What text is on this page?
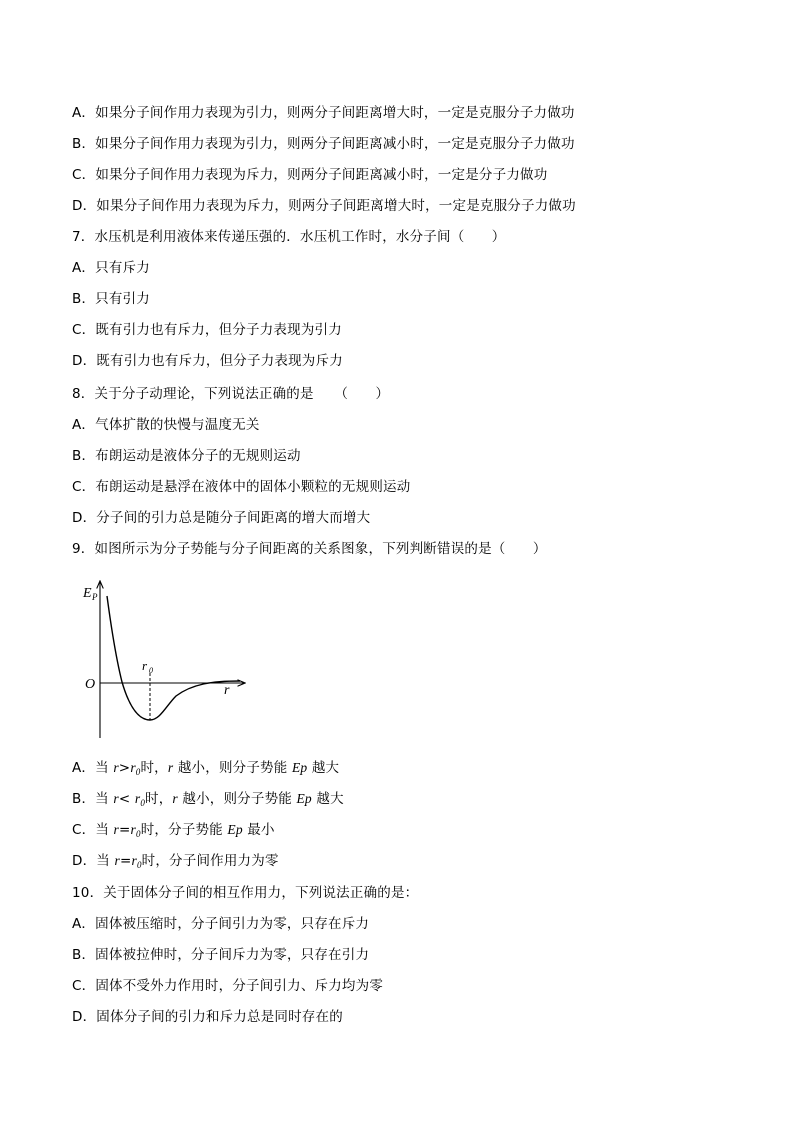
A．如果分子间作用力表现为引力，则两分子间距离增大时，一定是克服分子力做功
B．如果分子间作用力表现为引力，则两分子间距离减小时，一定是克服分子力做功
C．如果分子间作用力表现为斥力，则两分子间距离减小时，一定是分子力做功
D．如果分子间作用力表现为斥力，则两分子间距离增大时，一定是克服分子力做功
7．水压机是利用液体来传递压强的．水压机工作时，水分子间（　　）
A．只有斥力
B．只有引力
C．既有引力也有斥力，但分子力表现为引力
D．既有引力也有斥力，但分子力表现为斥力
8．关于分子动理论，下列说法正确的是　　（　　）
A．气体扩散的快慢与温度无关
B．布朗运动是液体分子的无规则运动
C．布朗运动是悬浮在液体中的固体小颗粒的无规则运动
D．分子间的引力总是随分子间距离的增大而增大
9．如图所示为分子势能与分子间距离的关系图象，下列判断错误的是（　　）
E P
O
r 0
r
A．当 $r>r_0$时，r 越小，则分子势能 Ep 越大
B．当 $r< r_0$时，r 越小，则分子势能 Ep 越大
C．当 $r=r_0$时，分子势能 Ep 最小
D．当 $r=r_0$时，分子间作用力为零
10．关于固体分子间的相互作用力，下列说法正确的是：
A．固体被压缩时，分子间引力为零，只存在斥力
B．固体被拉伸时，分子间斥力为零，只存在引力
C．固体不受外力作用时，分子间引力、斥力均为零
D．固体分子间的引力和斥力总是同时存在的
